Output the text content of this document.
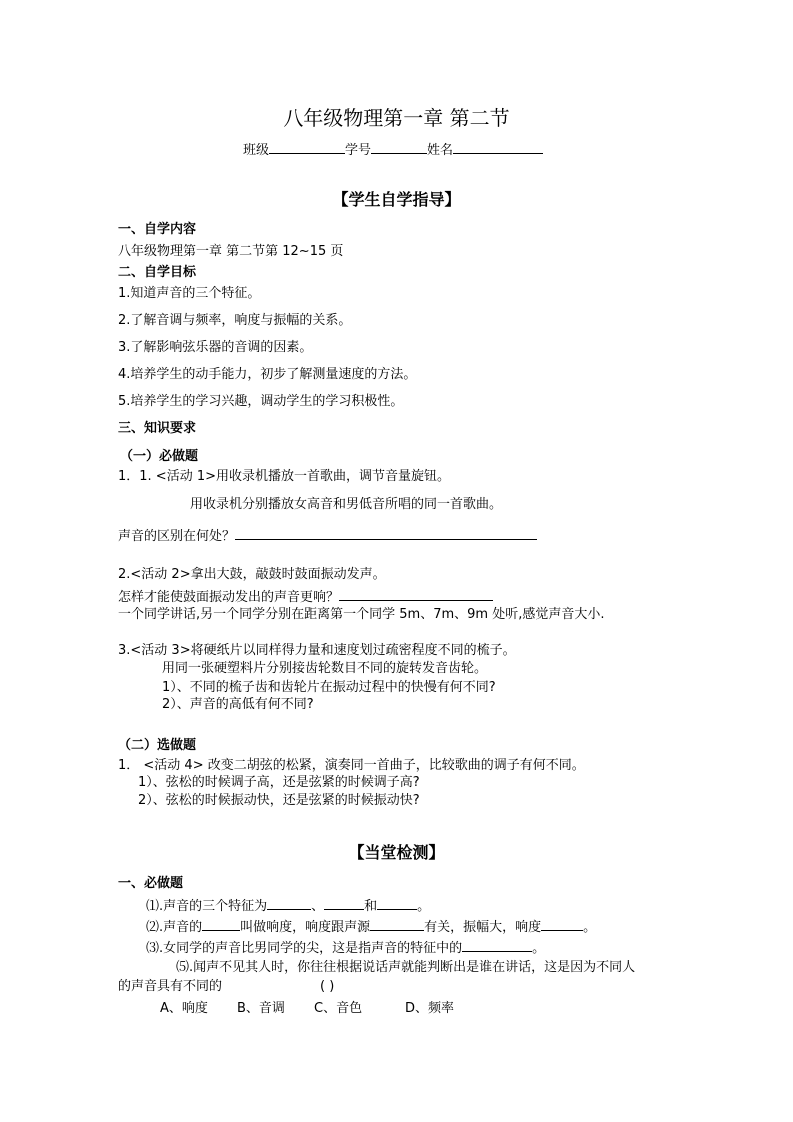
八年级物理第一章 第二节
班级	学号	姓名
【学生自学指导】
一、自学内容
八年级物理第一章 第二节第 12~15 页
二、自学目标
1.知道声音的三个特征。
2.了解音调与频率，响度与振幅的关系。
3.了解影响弦乐器的音调的因素。
4.培养学生的动手能力，初步了解测量速度的方法。
5.培养学生的学习兴趣，调动学生的学习积极性。
三、知识要求
（一）必做题
1．1. <活动 1>用收录机播放一首歌曲，调节音量旋钮。
用收录机分别播放女高音和男低音所唱的同一首歌曲。
声音的区别在何处？
2.<活动 2>拿出大鼓，敲鼓时鼓面振动发声。
怎样才能使鼓面振动发出的声音更响？
一个同学讲话,另一个同学分别在距离第一个同学 5m、7m、9m 处听,感觉声音大小.
3.<活动 3>将硬纸片以同样得力量和速度划过疏密程度不同的梳子。
用同一张硬塑料片分别接齿轮数目不同的旋转发音齿轮。
1）、不同的梳子齿和齿轮片在振动过程中的快慢有何不同?
2）、声音的高低有何不同?
（二）选做题
1． <活动 4> 改变二胡弦的松紧，演奏同一首曲子，比较歌曲的调子有何不同。
1）、弦松的时候调子高，还是弦紧的时候调子高?
2）、弦松的时候振动快，还是弦紧的时候振动快?
【当堂检测】
一、必做题
⑴.声音的三个特征为	、	和	。
⑵.声音的	叫做响度，响度跟声源	有关，振幅大，响度	。
⑶.女同学的声音比男同学的尖，这是指声音的特征中的	。
⑸.闻声不见其人时，你往往根据说话声就能判断出是谁在讲话，这是因为不同人
的声音具有不同的	( )
A、响度 B、音调 C、音色	D、频率
